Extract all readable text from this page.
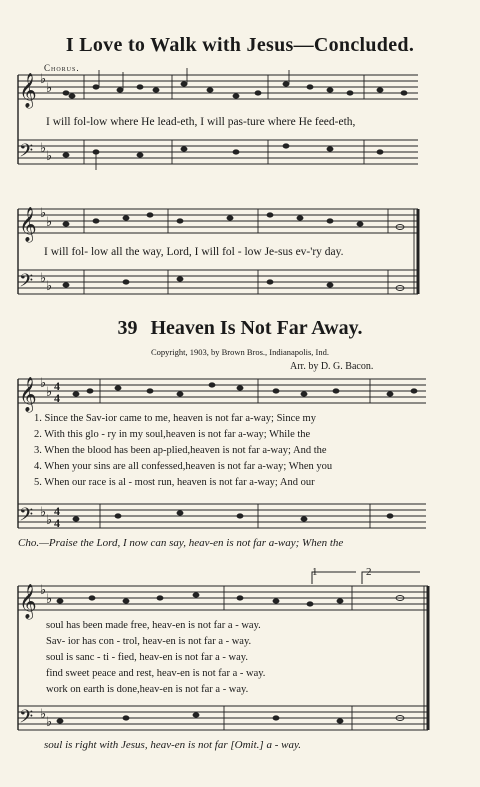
𝄞
𝄢
𝄞
𝄢
𝄞
𝄢
𝄞
𝄢
♭
♭
♭
♭
♭
♭
♭
♭
♭
♭
♭
♭
♭
♭
♭
♭
4
4
4
4
I Love to Walk with Jesus—Concluded.
Chorus.
I will fol-low where He lead-eth, I will pas-ture where He feed-eth,
I will fol- low all the way, Lord, I will fol - low Je-sus ev-'ry day.
39 Heaven Is Not Far Away.
Copyright, 1903, by Brown Bros., Indianapolis, Ind.
Arr. by D. G. Bacon.
1. Since the Sav-ior came to me, heaven is not far a-way; Since my
2. With this glo - ry in my soul,heaven is not far a-way; While the
3. When the blood has been ap-plied,heaven is not far a-way; And the
4. When your sins are all confessed,heaven is not far a-way; When you
5. When our race is al - most run, heaven is not far a-way; And our
Cho.—Praise the Lord, I now can say, heav-en is not far a-way; When the
1	2
soul has been made free, heav-en is not far a - way.
Sav- ior has con - trol, heav-en is not far a - way.
soul is sanc - ti - fied, heav-en is not far a - way.
find sweet peace and rest, heav-en is not far a - way.
work on earth is done,heav-en is not far a - way.
soul is right with Jesus, heav-en is not far [Omit.] a - way.
